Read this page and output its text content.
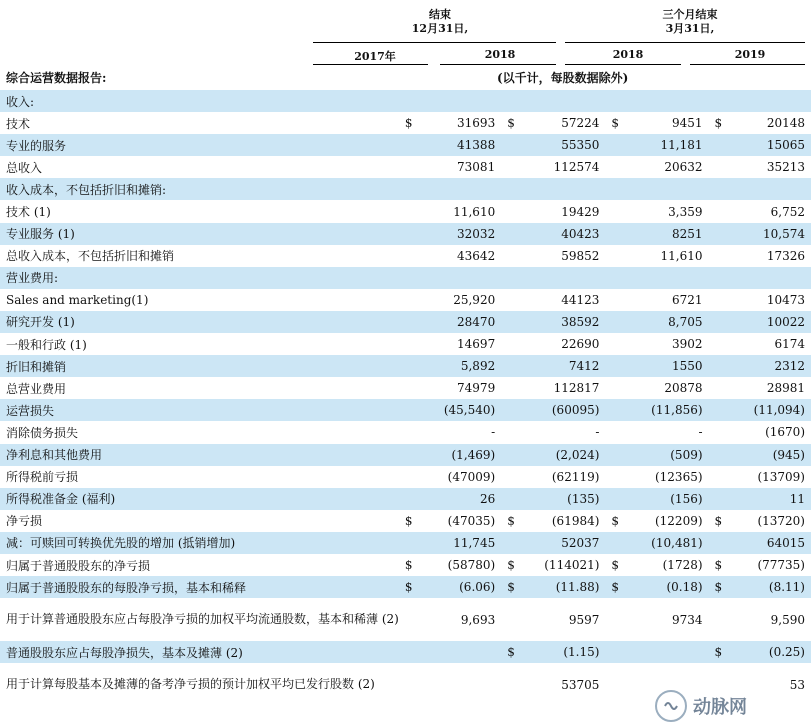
结束
12月31日,
三个月结束
3月31日,
2017年	2018	2018	2019
综合运营数据报告:	(以千计，每股数据除外)
收入:								
技术	$	31693	$	57224	$	9451	$	20148
专业的服务		41388		55350		11,181		15065
总收入		73081		112574		20632		35213
收入成本，不包括折旧和摊销:								
技术 (1)		11,610		19429		3,359		6,752
专业服务 (1)		32032		40423		8251		10,574
总收入成本，不包括折旧和摊销		43642		59852		11,610		17326
营业费用:								
Sales and marketing(1)		25,920		44123		6721		10473
研究开发 (1)		28470		38592		8,705		10022
一般和行政 (1)		14697		22690		3902		6174
折旧和摊销		5,892		7412		1550		2312
总营业费用		74979		112817		20878		28981
运营损失		(45,540)		(60095)		(11,856)		(11,094)
消除债务损失		-		-		-		(1670)
净利息和其他费用		(1,469)		(2,024)		(509)		(945)
所得税前亏损		(47009)		(62119)		(12365)		(13709)
所得税准备金 (福利)		26		(135)		(156)		11
净亏损	$	(47035)	$	(61984)	$	(12209)	$	(13720)
减：可赎回可转换优先股的增加 (抵销增加)		11,745		52037		(10,481)		64015
归属于普通股股东的净亏损	$	(58780)	$	(114021)	$	(1728)	$	(77735)
归属于普通股股东的每股净亏损，基本和稀释	$	(6.06)	$	(11.88)	$	(0.18)	$	(8.11)
用于计算普通股股东应占每股净亏损的加权平均流通股数，基本和稀薄 (2)		9,693		9597		9734		9,590
普通股股东应占每股净损失，基本及摊薄 (2)			$	(1.15)			$	(0.25)
用于计算每股基本及摊薄的备考净亏损的预计加权平均已发行股数 (2)				53705				53
动脉网
